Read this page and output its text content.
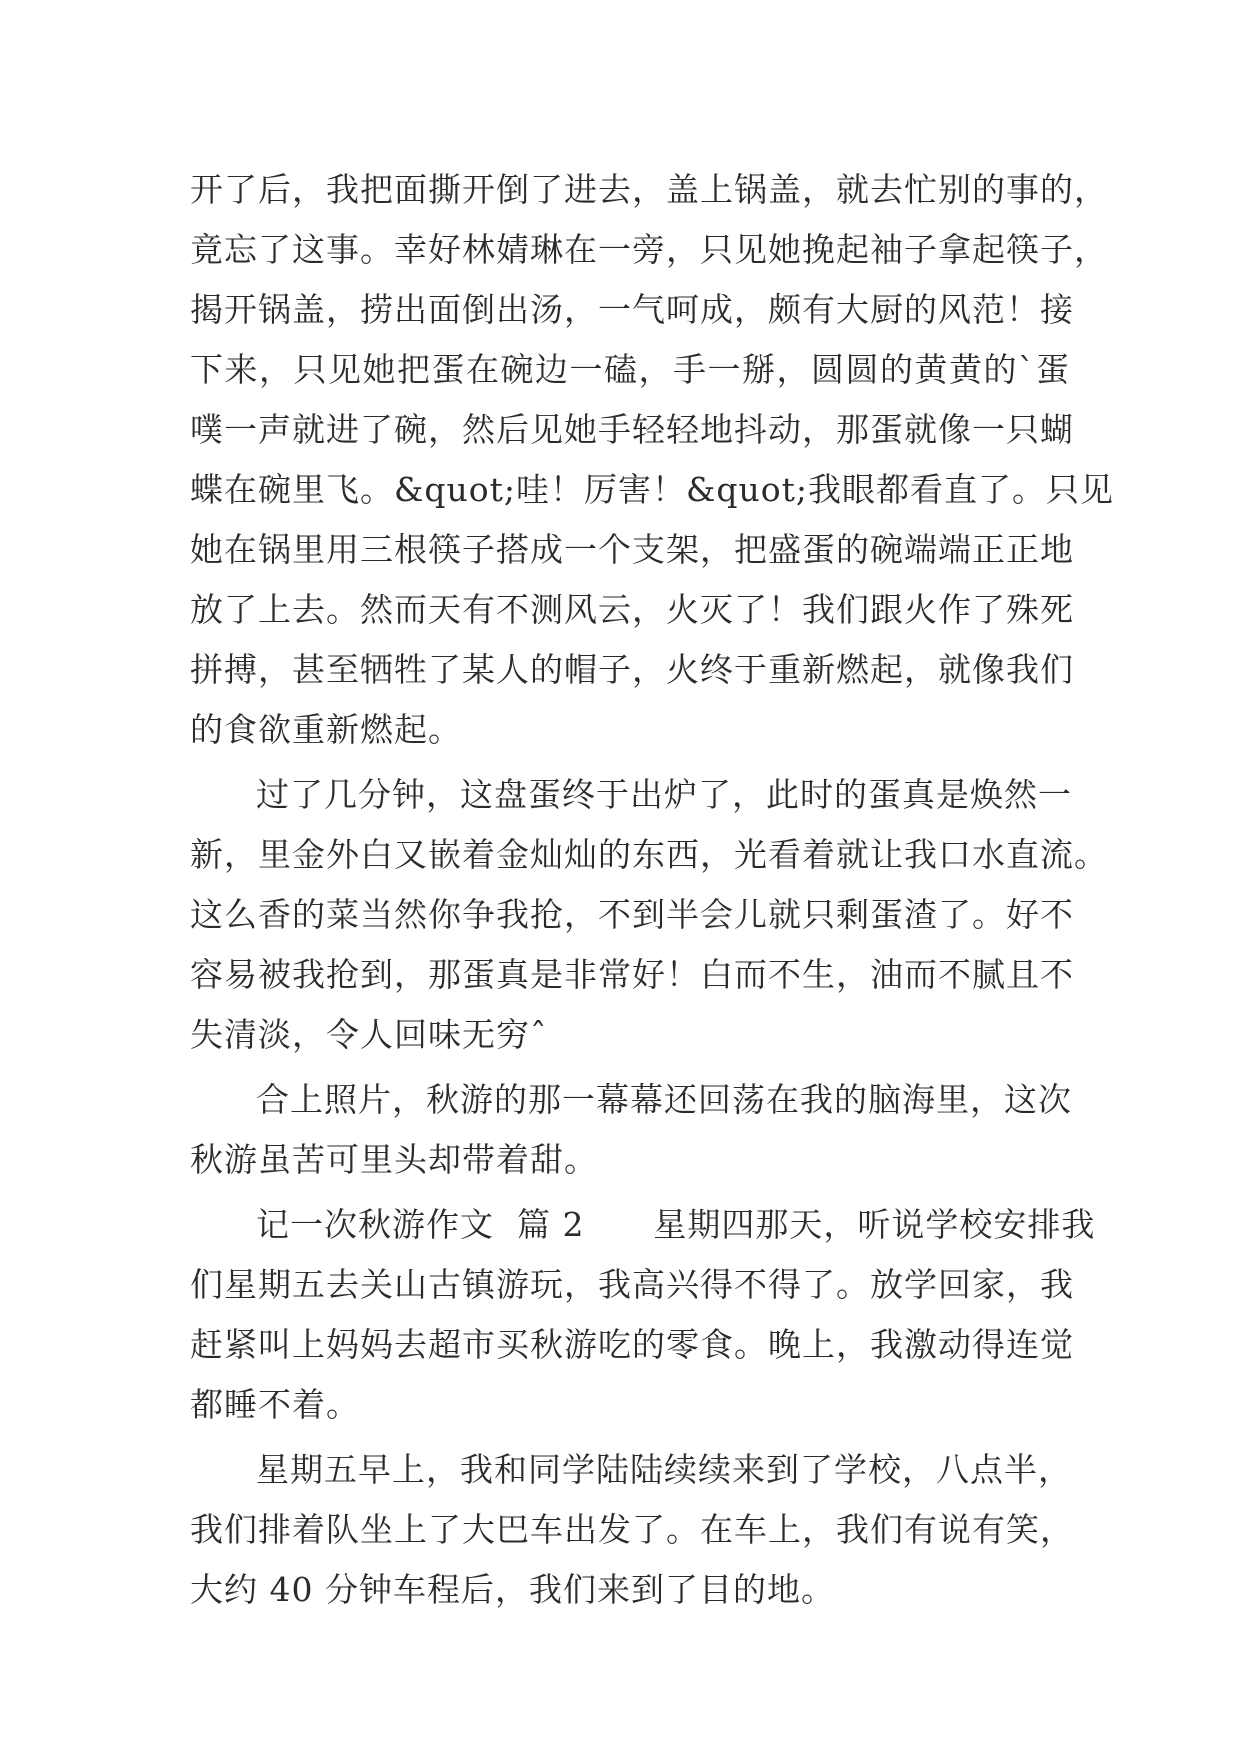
开了后，我把面撕开倒了进去，盖上锅盖，就去忙别的事的，
竟忘了这事。幸好林婧琳在一旁，只见她挽起袖子拿起筷子，
揭开锅盖，捞出面倒出汤，一气呵成，颇有大厨的风范！接
下来，只见她把蛋在碗边一磕，手一掰，圆圆的黄黄的`蛋
噗一声就进了碗，然后见她手轻轻地抖动，那蛋就像一只蝴
蝶在碗里飞。&quot;哇！厉害！&quot;我眼都看直了。只见
她在锅里用三根筷子搭成一个支架，把盛蛋的碗端端正正地
放了上去。然而天有不测风云，火灭了！我们跟火作了殊死
拼搏，甚至牺牲了某人的帽子，火终于重新燃起，就像我们
的食欲重新燃起。
过了几分钟，这盘蛋终于出炉了，此时的蛋真是焕然一
新，里金外白又嵌着金灿灿的东西，光看着就让我口水直流。
这么香的菜当然你争我抢，不到半会儿就只剩蛋渣了。好不
容易被我抢到，那蛋真是非常好！白而不生，油而不腻且不
失清淡，令人回味无穷ˆ
合上照片，秋游的那一幕幕还回荡在我的脑海里，这次
秋游虽苦可里头却带着甜。
记一次秋游作文  篇 2      星期四那天，听说学校安排我
们星期五去关山古镇游玩，我高兴得不得了。放学回家，我
赶紧叫上妈妈去超市买秋游吃的零食。晚上，我激动得连觉
都睡不着。
星期五早上，我和同学陆陆续续来到了学校，八点半，
我们排着队坐上了大巴车出发了。在车上，我们有说有笑，
大约 40 分钟车程后，我们来到了目的地。
